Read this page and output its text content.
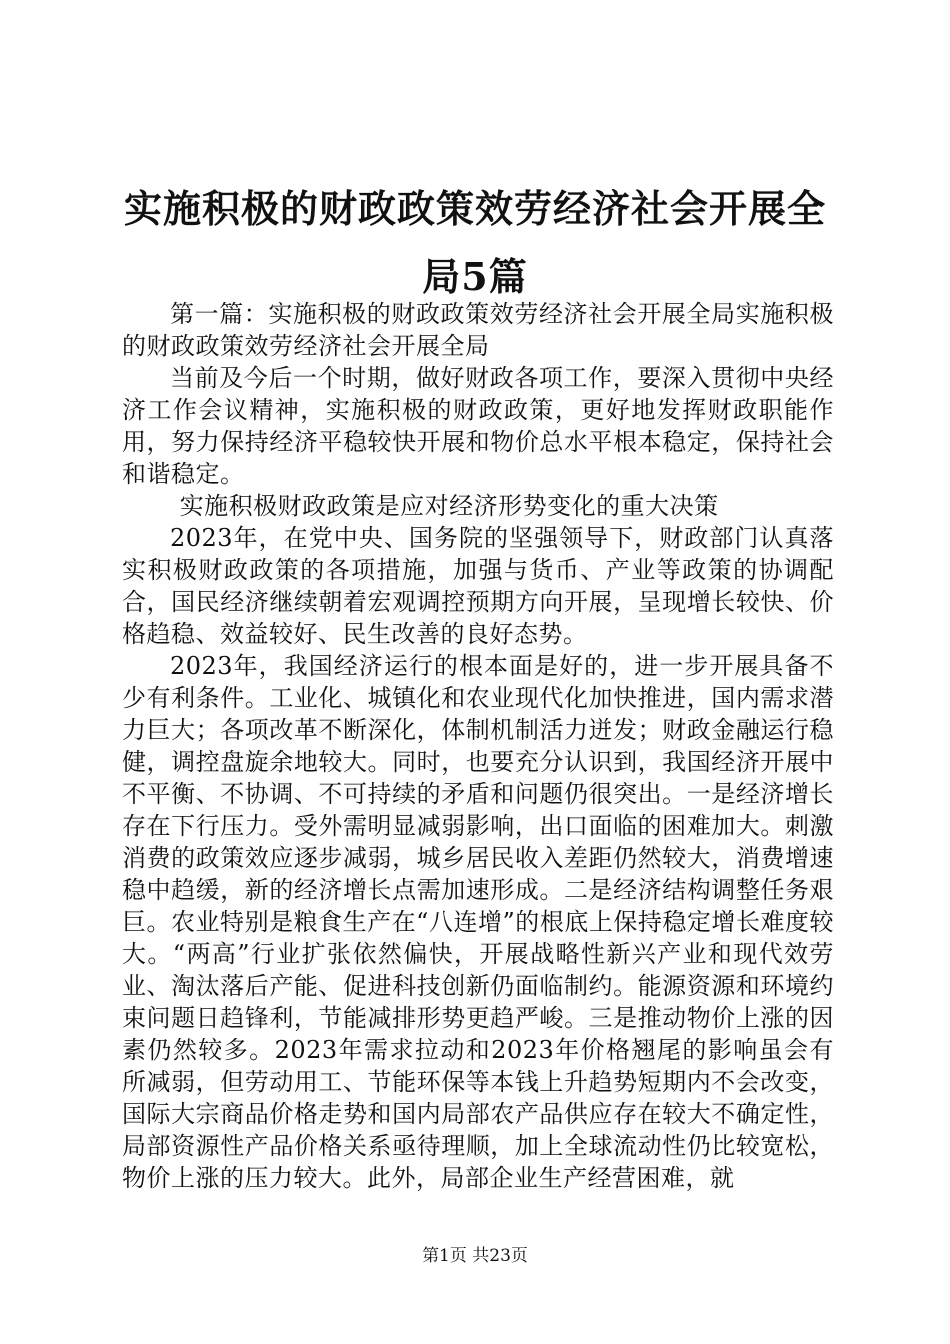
实施积极的财政政策效劳经济社会开展全局5篇

第一篇：实施积极的财政政策效劳经济社会开展全局实施积极的财政政策效劳经济社会开展全局

当前及今后一个时期，做好财政各项工作，要深入贯彻中央经济工作会议精神，实施积极的财政政策，更好地发挥财政职能作用，努力保持经济平稳较快开展和物价总水平根本稳定，保持社会和谐稳定。

实施积极财政政策是应对经济形势变化的重大决策

2023年，在党中央、国务院的坚强领导下，财政部门认真落实积极财政政策的各项措施，加强与货币、产业等政策的协调配合，国民经济继续朝着宏观调控预期方向开展，呈现增长较快、价格趋稳、效益较好、民生改善的良好态势。

2023年，我国经济运行的根本面是好的，进一步开展具备不少有利条件。工业化、城镇化和农业现代化加快推进，国内需求潜力巨大；各项改革不断深化，体制机制活力迸发；财政金融运行稳健，调控盘旋余地较大。同时，也要充分认识到，我国经济开展中不平衡、不协调、不可持续的矛盾和问题仍很突出。一是经济增长存在下行压力。受外需明显减弱影响，出口面临的困难加大。刺激消费的政策效应逐步减弱，城乡居民收入差距仍然较大，消费增速稳中趋缓，新的经济增长点需加速形成。二是经济结构调整任务艰巨。农业特别是粮食生产在“八连增”的根底上保持稳定增长难度较大。“两高”行业扩张依然偏快，开展战略性新兴产业和现代效劳业、淘汰落后产能、促进科技创新仍面临制约。能源资源和环境约束问题日趋锋利，节能减排形势更趋严峻。三是推动物价上涨的因素仍然较多。2023年需求拉动和2023年价格翘尾的影响虽会有所减弱，但劳动用工、节能环保等本钱上升趋势短期内不会改变，国际大宗商品价格走势和国内局部农产品供应存在较大不确定性，局部资源性产品价格关系亟待理顺，加上全球流动性仍比较宽松，物价上涨的压力较大。此外，局部企业生产经营困难，就

第1页 共23页
